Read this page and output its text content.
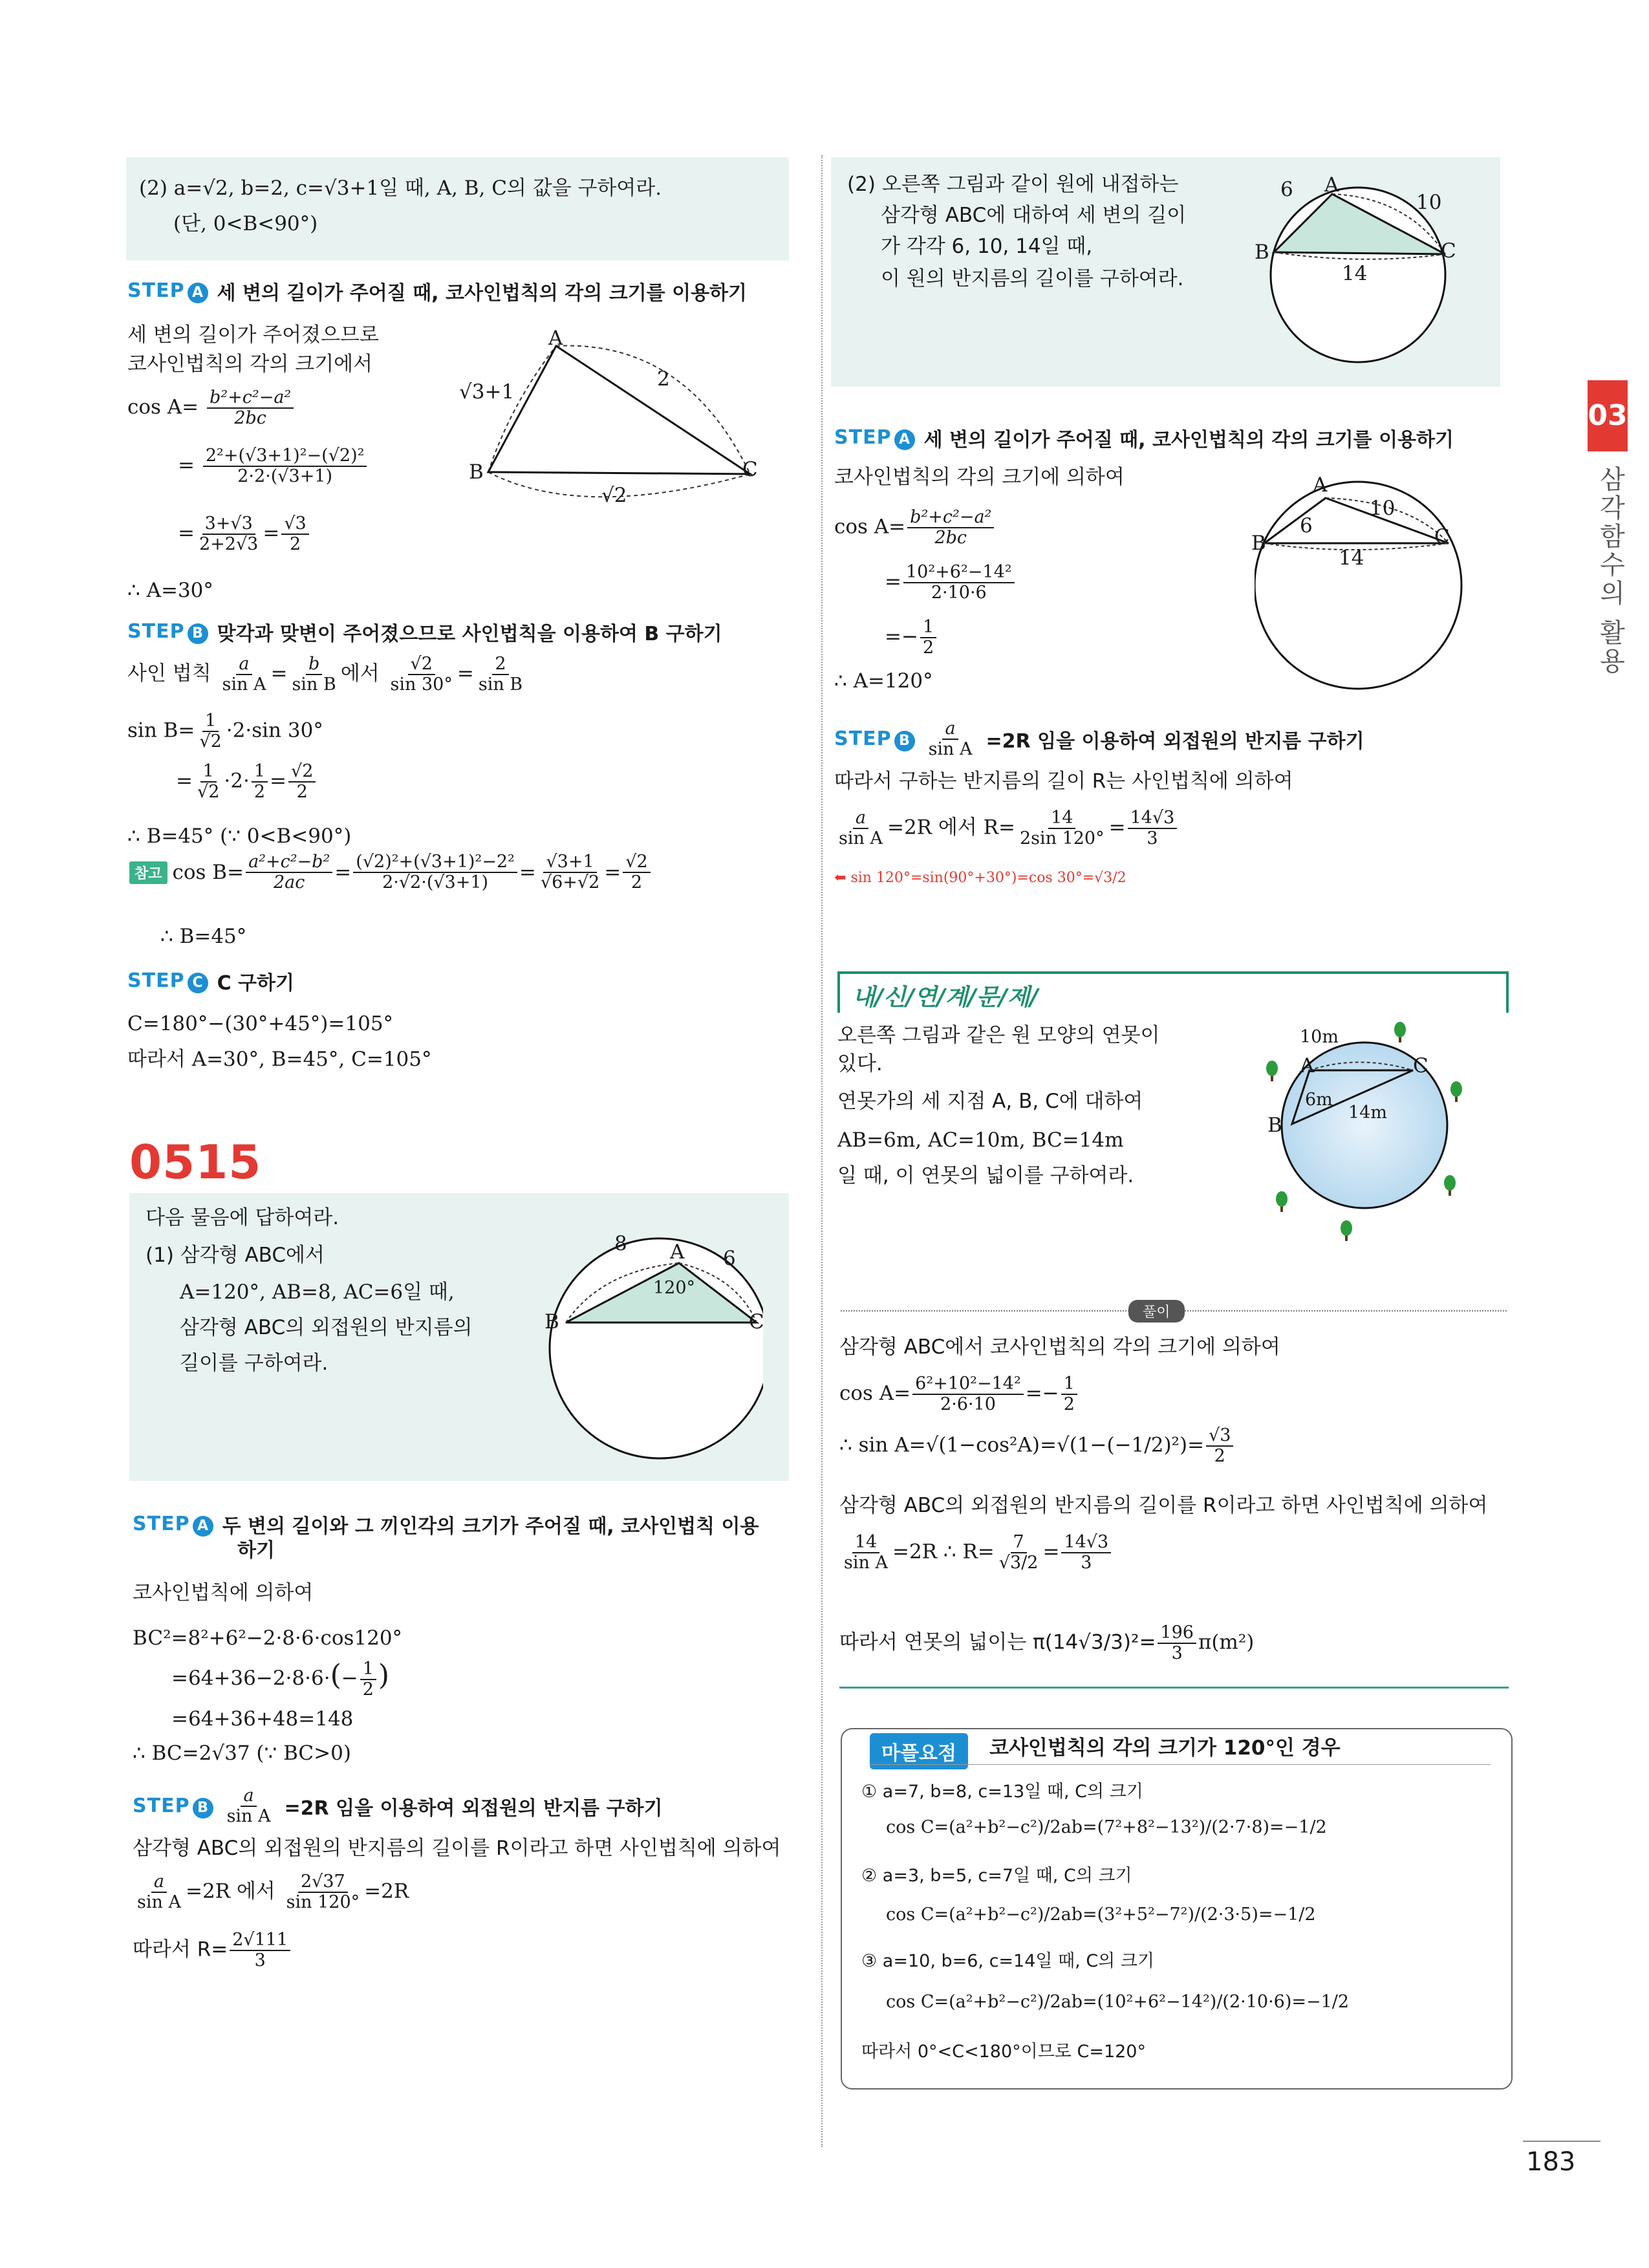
(2) a=√2, b=2, c=√3+1일 때, A, B, C의 값을 구하여라.
(단, 0<B<90°)
STEP A 세 변의 길이가 주어질 때, 코사인법칙의 각의 크기를 이용하기
세 변의 길이가 주어졌으므로
코사인법칙의 각의 크기에서
$\cos A= \frac{\text{b²+c²−a²}}{2bc}$
= $\frac{\text{2²+(√3+1)²−(√2)²}}{2\cdot 2\cdot(√3+1)}$
= $\frac{3+√3}{2+2√3} = \frac{√3}{2}$
∴ A=30°
A
B	C
√3+1
2
√2
STEP B 맞각과 맞변이 주어졌으므로 사인법칙을 이용하여 B 구하기
사인 법칙 $\frac{a}{\text{sin A}} = \frac{b}{\text{sin B}}$ 에서 $\frac{√2}{\sin 30^\circ} = \frac{2}{\text{sin B}}$
$\sin B= \frac{1}{√2} \cdot 2\cdot\sin$ 30°
= $\frac{1}{√2} \cdot 2\cdot \frac{1}{2} = \frac{√2}{2}$
∴ B=45° (∵ 0<B<90°)
참고 $\cos B= \frac{\text{a²+c²−b²}}{2ac} = \frac{\text{(√2)²+(√3+1)²−2²}}{2\cdot√2\cdot(√3+1)} = \frac{√3+1}{√6+√2} = \frac{√2}{2}$
∴ B=45°
STEP C C 구하기
C=180°−(30°+45°)=105°
따라서 A=30°, B=45°, C=105°
0515
다음 물음에 답하여라.
(1) 삼각형 ABC에서
A=120°, AB=8, AC=6일 때,
삼각형 ABC의 외접원의 반지름의
길이를 구하여라.
A
B	C
8
6
120°
STEP A 두 변의 길이와 그 끼인각의 크기가 주어질 때, 코사인법칙 이용
하기
코사인법칙에 의하여
BC²=8²+6²−2·8·6·cos120°
$=64+36-2\cdot 8\cdot 6\cdot(- \frac{1}{2}$ )
=64+36+48=148
∴ BC=2√37 (∵ BC>0)
STEP B $\frac{a}{\text{sin A}} =2R$ 임을 이용하여 외접원의 반지름 구하기
삼각형 ABC의 외접원의 반지름의 길이를 R이라고 하면 사인법칙에 의하여
$\frac{a}{\text{sin A}} =2R$ 에서 $\frac{2√37}{\sin 120^\circ} =2R$
따라서 $R= \frac{2√111}{3}$
(2) 오른쪽 그림과 같이 원에 내접하는
삼각형 ABC에 대하여 세 변의 길이
가 각각 6, 10, 14일 때,
이 원의 반지름의 길이를 구하여라.
A
B	C
6
10
14
STEP A 세 변의 길이가 주어질 때, 코사인법칙의 각의 크기를 이용하기
코사인법칙의 각의 크기에 의하여
$\cos A= \frac{\text{b²+c²−a²}}{2bc}$
= $\frac{\text{10²+6²−14²}}{2\cdot 10\cdot 6}$
=− $\frac{1}{2}$
∴ A=120°
A
B	C
6
10
14
STEP B $\frac{a}{\text{sin A}} =2R$ 임을 이용하여 외접원의 반지름 구하기
따라서 구하는 반지름의 길이 R는 사인법칙에 의하여
$\frac{a}{\text{sin A}} =2R$ 에서 $R= \frac{14}{2\sin 120^\circ} = \frac{14√3}{3}$
⬅ sin 120°=sin(90°+30°)=cos 30°=√3/2
내/신/연/계/문/제/
오른쪽 그림과 같은 원 모양의 연못이
있다.
연못가의 세 지점 A, B, C에 대하여
AB=6m, AC=10m, BC=14m
일 때, 이 연못의 넓이를 구하여라.
A
B
C
6m
10m
14m
풀이
삼각형 ABC에서 코사인법칙의 각의 크기에 의하여
$\cos A= \frac{\text{6²+10²−14²}}{2\cdot 6\cdot 10} =- \frac{1}{2}$
∴ $\sin A=√(1-\cos^2A)=√(1-(-1/2)^2)= \frac{√3}{2}$
삼각형 ABC의 외접원의 반지름의 길이를 R이라고 하면 사인법칙에 의하여
$\frac{14}{\text{sin A}} =2R$ ∴ $R= \frac{7}{√3/2} = \frac{14√3}{3}$
따라서 연못의 넓이는 $\pi(14√3/3)^2= \frac{196}{3} \pi(m^2)$
마플요점	코사인법칙의 각의 크기가 120°인 경우
① a=7, b=8, c=13일 때, C의 크기
cos C=(a²+b²−c²)/2ab=(7²+8²−13²)/(2·7·8)=−1/2
② a=3, b=5, c=7일 때, C의 크기
cos C=(a²+b²−c²)/2ab=(3²+5²−7²)/(2·3·5)=−1/2
③ a=10, b=6, c=14일 때, C의 크기
cos C=(a²+b²−c²)/2ab=(10²+6²−14²)/(2·10·6)=−1/2
따라서 0°<C<180°이므로 C=120°
03
삼각함수의 활용
183
